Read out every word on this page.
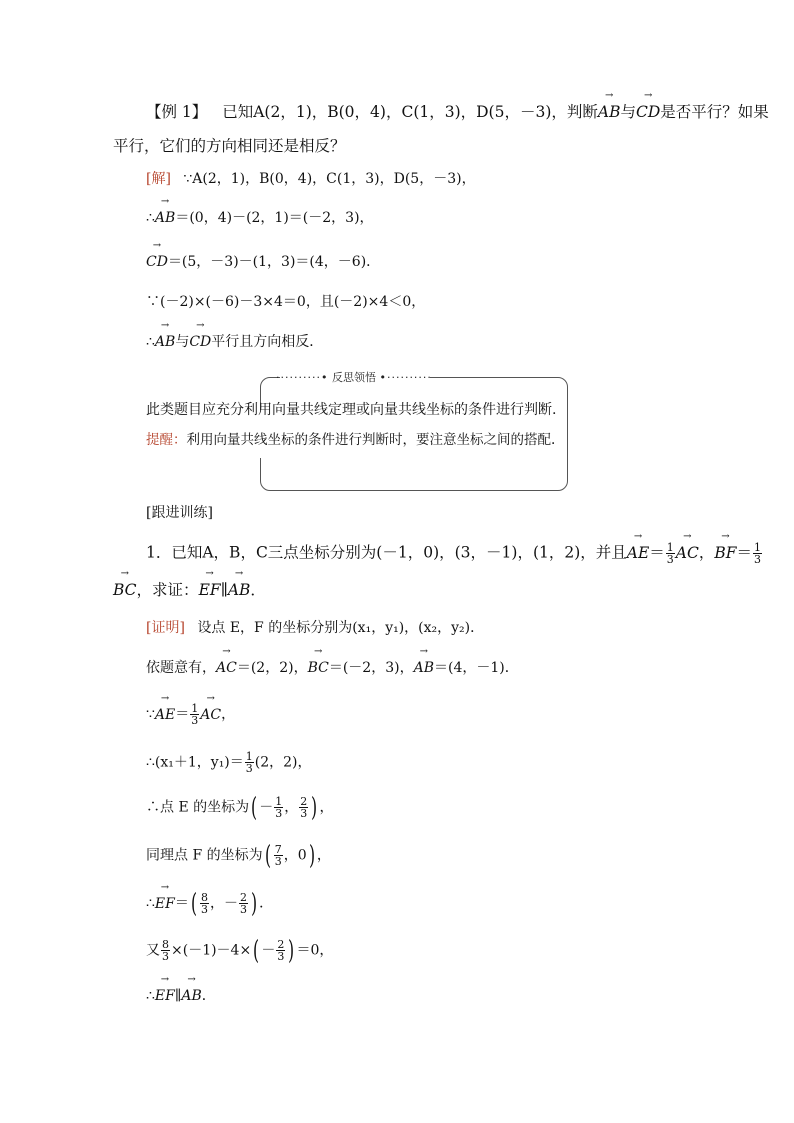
【例 1】 已知A(2，1)，B(0，4)，C(1，3)，D(5，－3)，判断→ AB与→ CD是否平行？如果
平行，它们的方向相同还是相反？
[解] ∵A(2，1)，B(0，4)，C(1，3)，D(5，－3)，
∴→ AB＝(0，4)－(2，1)＝(－2，3)，
→ CD＝(5，－3)－(1，3)＝(4，－6)．
∵(－2)×(－6)－3×4＝0，且(－2)×4＜0，
∴→ AB与→ CD平行且方向相反．
··········• 反思领悟 •··········
此类题目应充分利用向量共线定理或向量共线坐标的条件进行判断.
提醒：利用向量共线坐标的条件进行判断时，要注意坐标之间的搭配.
[跟进训练]
1．已知A，B，C三点坐标分别为(－1，0)，(3，－1)，(1，2)，并且→ $AE= \frac{1}{3}$ → AC，→ $BF= \frac{1}{3}$
→ BC，求证：→ EF∥→ AB．
[证明] 设点 E，F 的坐标分别为(x₁，y₁)，(x₂，y₂)．
依题意有，→ AC＝(2，2)，→ BC＝(－2，3)，→ AB＝(4，－1)．
∵→ $AE= \frac{1}{3}$ → AC，
∴(x₁＋1，$y_1)= \frac{1}{3} (2$，2)，
∴点 E 的坐标为( － $\frac{1}{3}$ ， $\frac{2}{3}$ ) ，
同理点 F 的坐标为( $\frac{7}{3}$ ，0) ，
∴→ $EF=( \frac{8}{3}$ ，－ $\frac{2}{3}$ ) ．
又 $\frac{8}{3} \times(-1)-4\times( - \frac{2}{3}$ ) ＝0，
∴→ EF∥→ AB．
